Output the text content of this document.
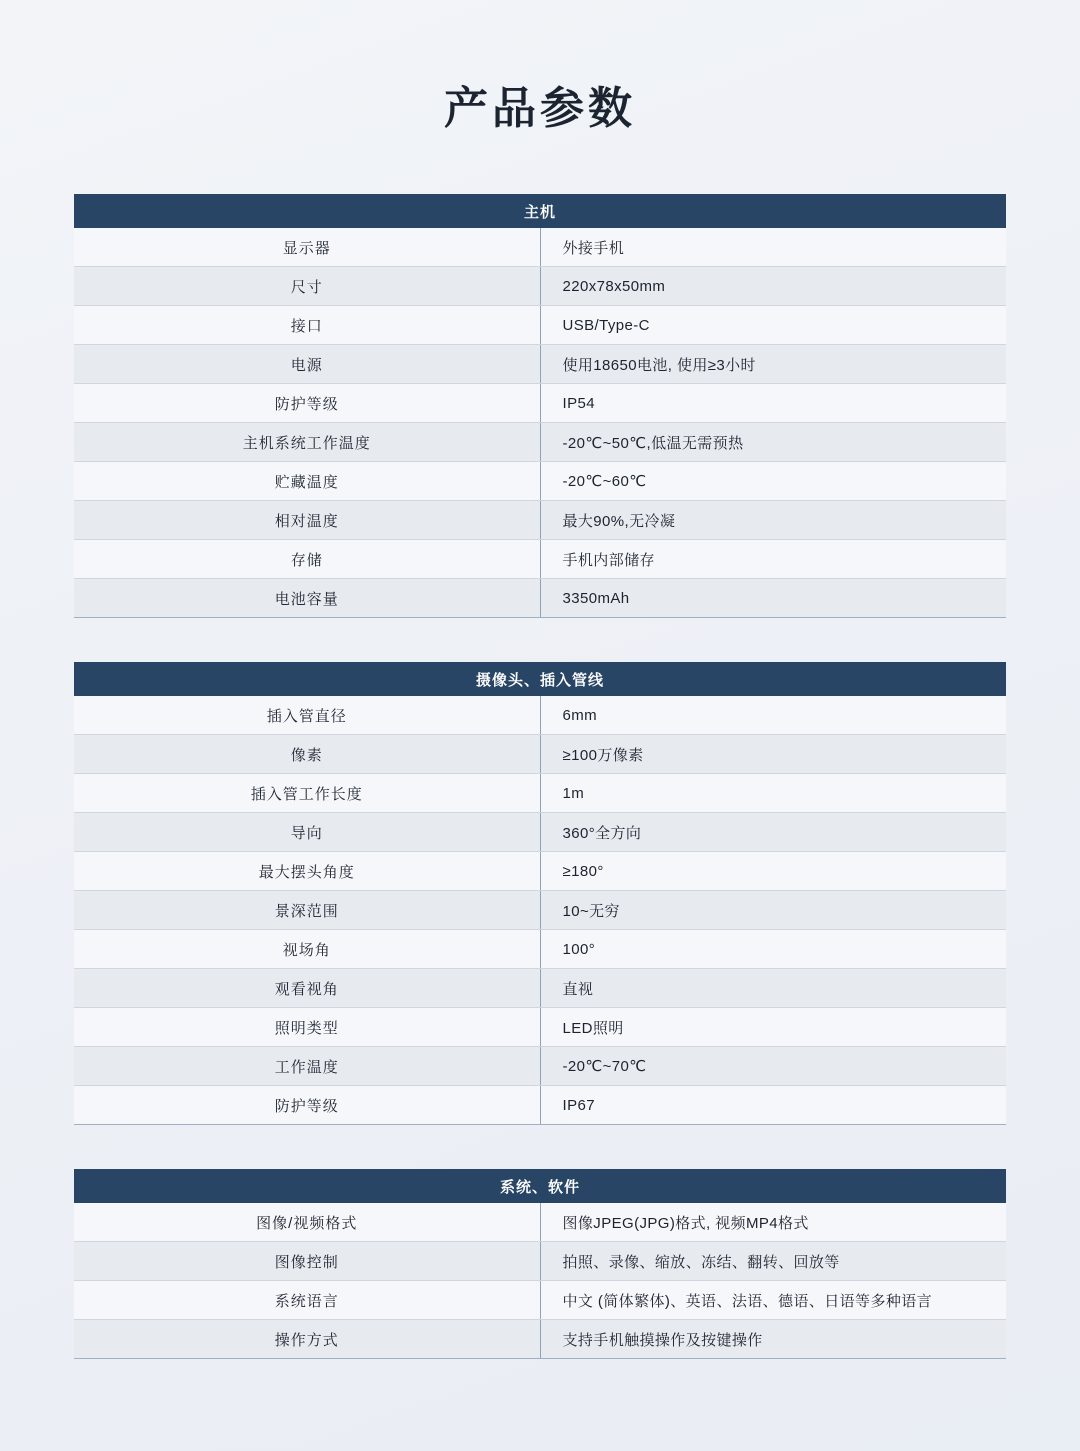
产品参数
主机	
显示器	外接手机
尺寸	220x78x50mm
接口	USB/Type-C
电源	使用18650电池, 使用≥3小时
防护等级	IP54
主机系统工作温度	-20℃~50℃,低温无需预热
贮藏温度	-20℃~60℃
相对温度	最大90%,无冷凝
存储	手机内部储存
电池容量	3350mAh
摄像头、插入管线	
插入管直径	6mm
像素	≥100万像素
插入管工作长度	1m
导向	360°全方向
最大摆头角度	≥180°
景深范围	10~无穷
视场角	100°
观看视角	直视
照明类型	LED照明
工作温度	-20℃~70℃
防护等级	IP67
系统、软件	
图像/视频格式	图像JPEG(JPG)格式, 视频MP4格式
图像控制	拍照、录像、缩放、冻结、翻转、回放等
系统语言	中文 (简体繁体)、英语、法语、德语、日语等多种语言
操作方式	支持手机触摸操作及按键操作
